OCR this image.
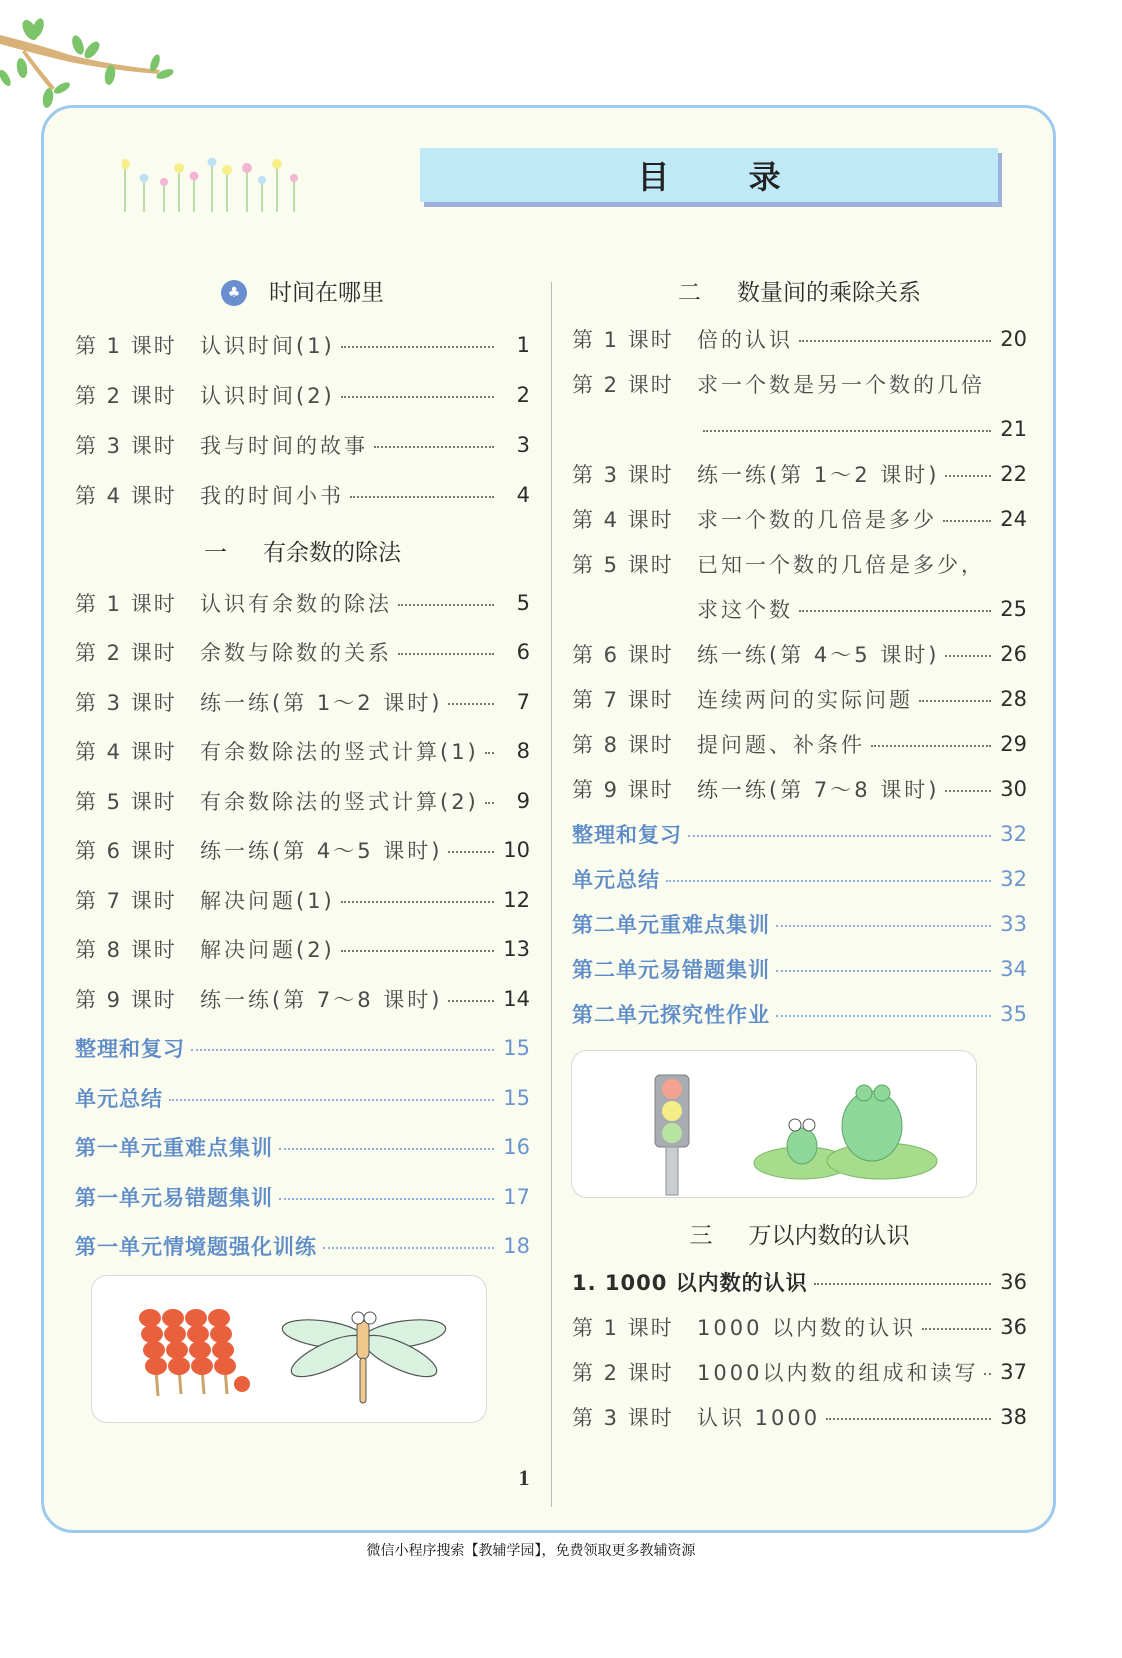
目 录
♣ 时间在哪里
第 1 课时	认识时间(1)	1
第 2 课时	认识时间(2)	2
第 3 课时	我与时间的故事	3
第 4 课时	我的时间小书	4
一 有余数的除法
第 1 课时	认识有余数的除法	5
第 2 课时	余数与除数的关系	6
第 3 课时	练一练(第 1～2 课时)	7
第 4 课时	有余数除法的竖式计算(1)	8
第 5 课时	有余数除法的竖式计算(2)	9
第 6 课时	练一练(第 4～5 课时)	10
第 7 课时	解决问题(1)	12
第 8 课时	解决问题(2)	13
第 9 课时	练一练(第 7～8 课时)	14
整理和复习	15
单元总结	15
第一单元重难点集训	16
第一单元易错题集训	17
第一单元情境题强化训练	18
二 数量间的乘除关系
第 1 课时	倍的认识	20
第 2 课时	求一个数是另一个数的几倍
21
第 3 课时	练一练(第 1～2 课时)	22
第 4 课时	求一个数的几倍是多少	24
第 5 课时	已知一个数的几倍是多少，
求这个数	25
第 6 课时	练一练(第 4～5 课时)	26
第 7 课时	连续两问的实际问题	28
第 8 课时	提问题、补条件	29
第 9 课时	练一练(第 7～8 课时)	30
整理和复习	32
单元总结	32
第二单元重难点集训	33
第二单元易错题集训	34
第二单元探究性作业	35
三 万以内数的认识
1. 1000 以内数的认识	36
第 1 课时	1000 以内数的认识	36
第 2 课时	1000以内数的组成和读写 37
第 3 课时	认识 1000	38
1
微信小程序搜索【教辅学园】，免费领取更多教辅资源
